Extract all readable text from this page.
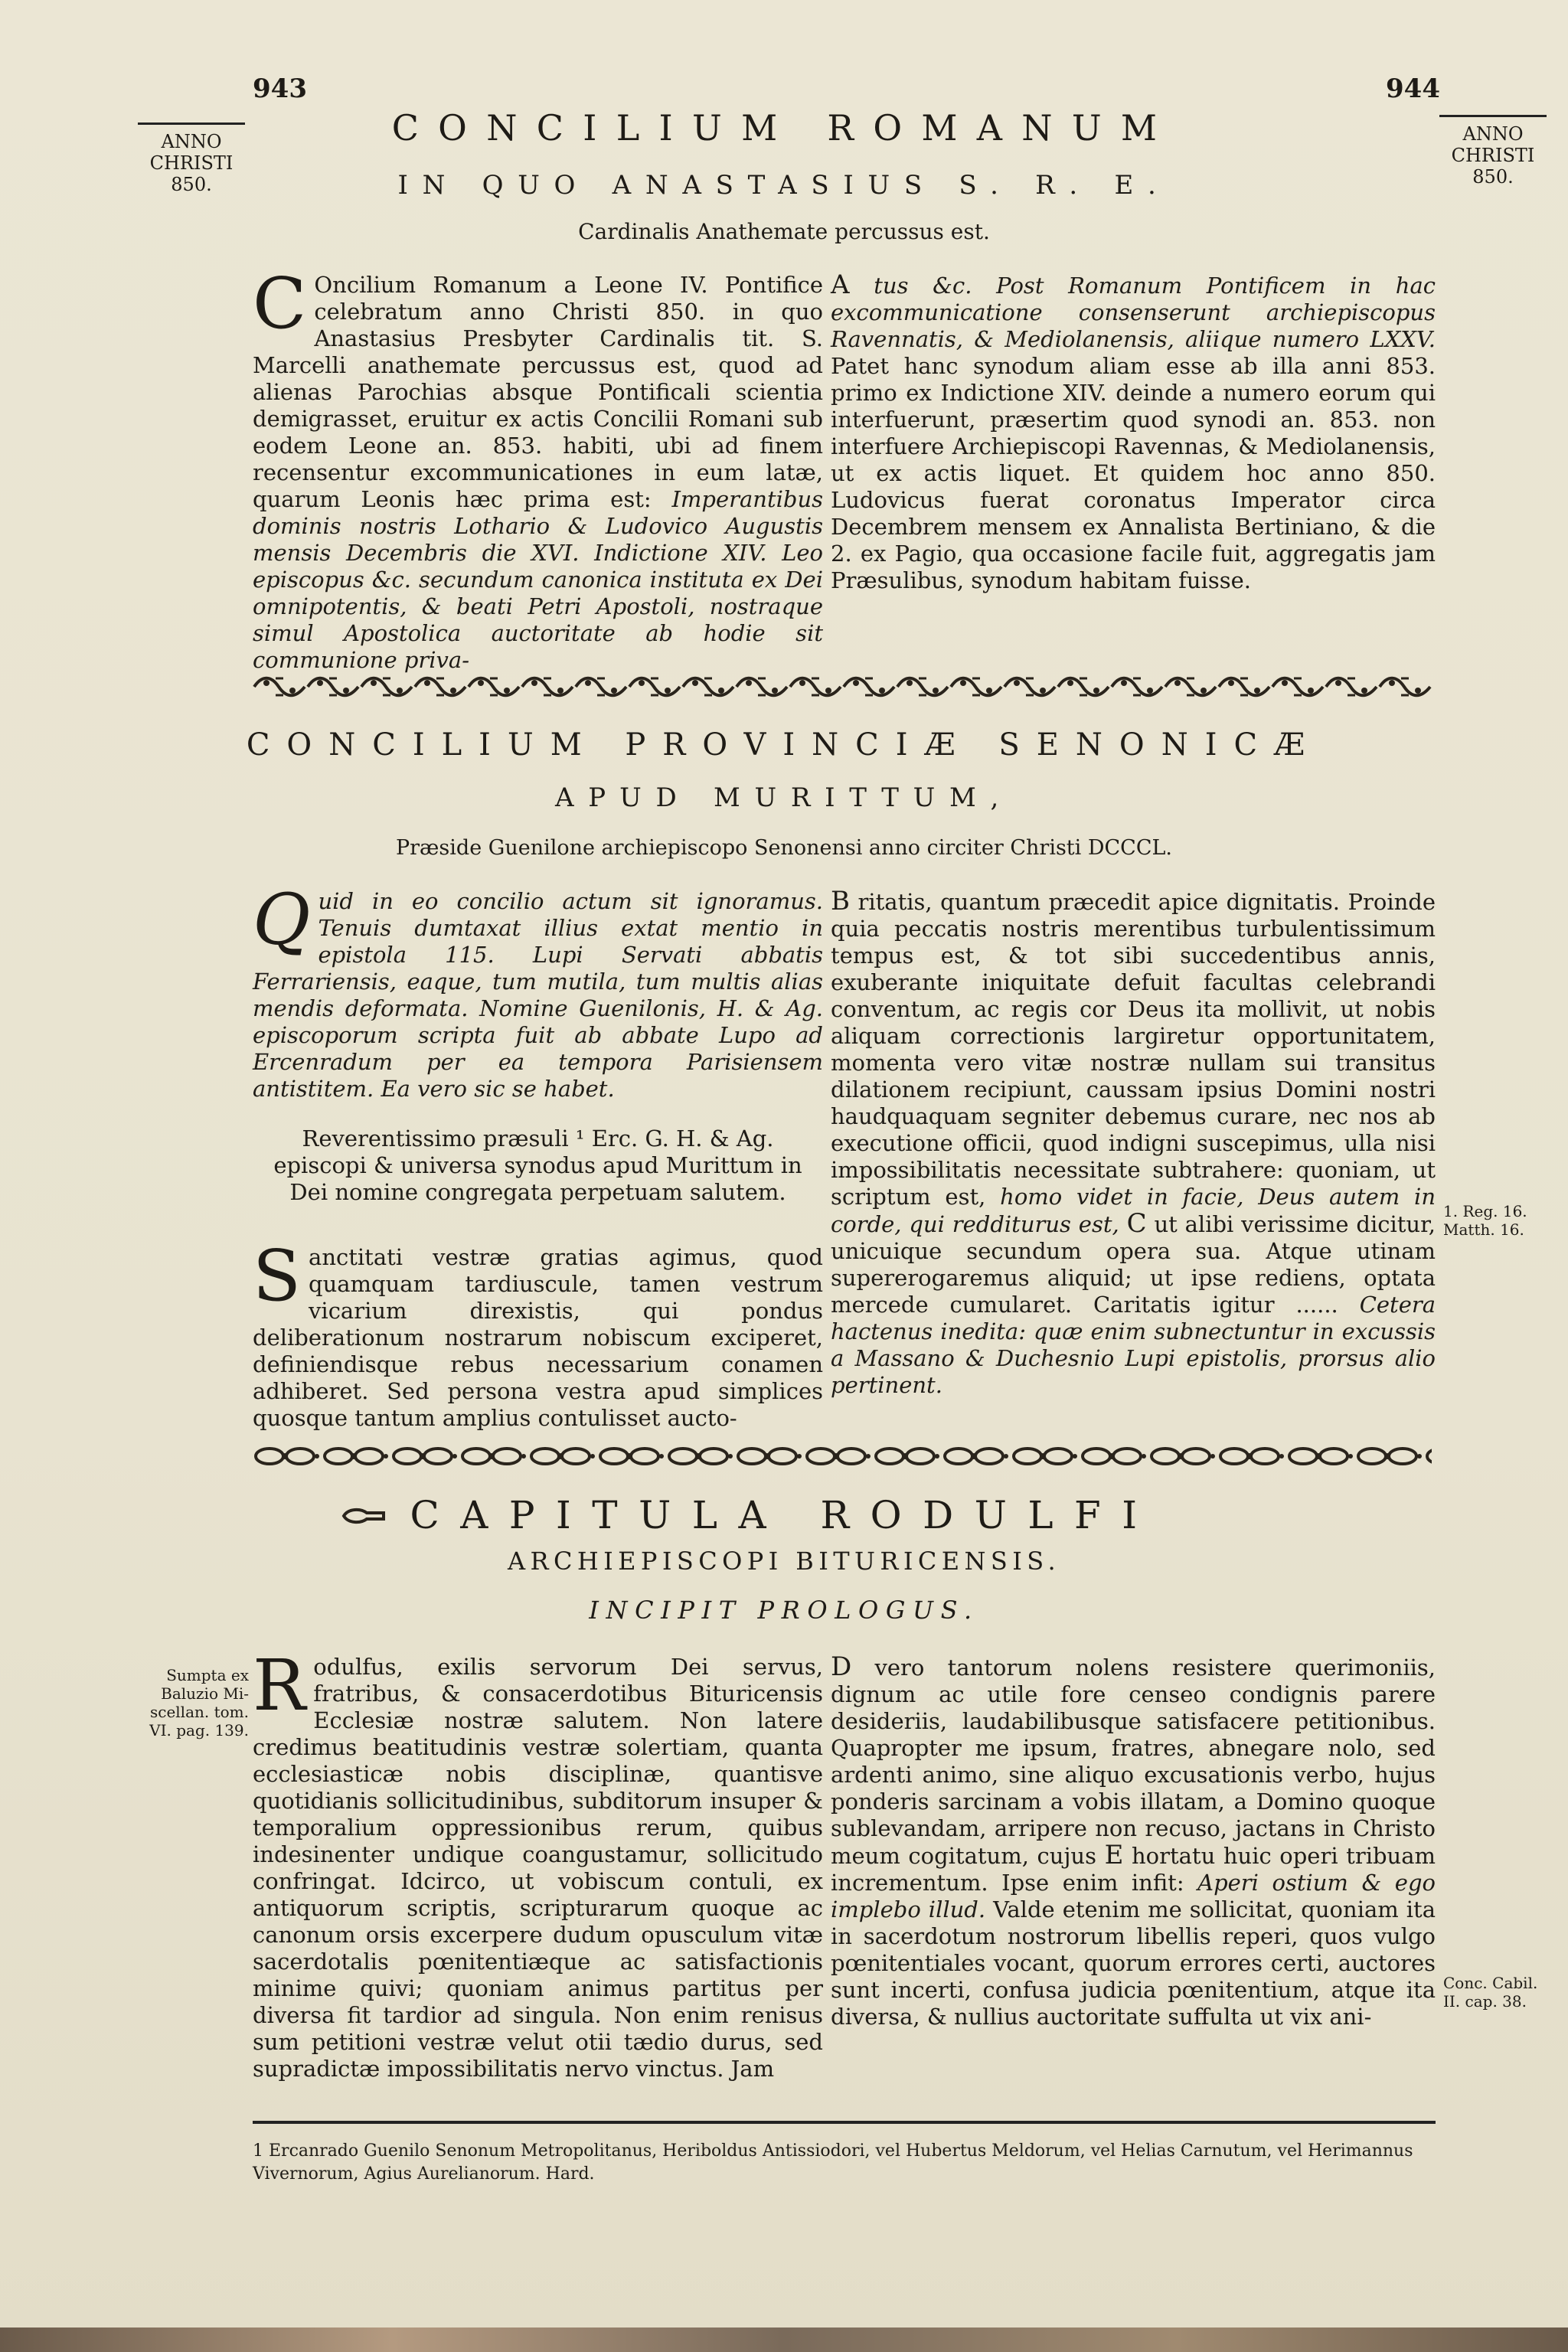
943	944
ANNO
CHRISTI
850.
ANNO
CHRISTI
850.
CONCILIUM ROMANUM
IN QUO ANASTASIUS S. R. E.
Cardinalis Anathemate percussus est.
C Oncilium Romanum a Leone IV. Pontifice celebratum anno Christi 850. in quo Anastasius Presbyter Cardinalis tit. S. Marcelli anathemate percussus est, quod ad alienas Parochias absque Pontificali scientia demigrasset, eruitur ex actis Concilii Romani sub eodem Leone an. 853. habiti, ubi ad finem recensentur excommunicationes in eum latæ, quarum Leonis hæc prima est: Imperantibus dominis nostris Lothario & Ludovico Augustis mensis Decembris die XVI. Indictione XIV. Leo episcopus &c. secundum canonica instituta ex Dei omnipotentis, & beati Petri Apostoli, nostraque simul Apostolica auctoritate ab hodie sit communione priva-
A tus &c. Post Romanum Pontificem in hac excommunicatione consenserunt archiepiscopus Ravennatis, & Mediolanensis, aliique numero LXXV. Patet hanc synodum aliam esse ab illa anni 853. primo ex Indictione XIV. deinde a numero eorum qui interfuerunt, præsertim quod synodi an. 853. non interfuere Archiepiscopi Ravennas, & Mediolanensis, ut ex actis liquet. Et quidem hoc anno 850. Ludovicus fuerat coronatus Imperator circa Decembrem mensem ex Annalista Bertiniano, & die 2. ex Pagio, qua occasione facile fuit, aggregatis jam Præsulibus, synodum habitam fuisse.
CONCILIUM PROVINCIÆ SENONICÆ
APUD MURITTUM,
Præside Guenilone archiepiscopo Senonensi anno circiter Christi DCCCL.

Q uid in eo concilio actum sit ignoramus. Tenuis dumtaxat illius extat mentio in epistola 115. Lupi Servati abbatis Ferrariensis, eaque, tum mutila, tum multis alias mendis deformata. Nomine Guenilonis, H. & Ag. episcoporum scripta fuit ab abbate Lupo ad Ercenradum per ea tempora Parisiensem antistitem. Ea vero sic se habet.

Reverentissimo præsuli ¹ Erc. G. H. & Ag. episcopi & universa synodus apud Murittum in Dei nomine congregata perpetuam salutem.

S anctitati vestræ gratias agimus, quod quamquam tardiuscule, tamen vestrum vicarium direxistis, qui pondus deliberationum nostrarum nobiscum exciperet, definiendisque rebus necessarium conamen adhiberet. Sed persona vestra apud simplices quosque tantum amplius contulisset aucto-

B ritatis, quantum præcedit apice dignitatis. Proinde quia peccatis nostris merentibus turbulentissimum tempus est, & tot sibi succedentibus annis, exuberante iniquitate defuit facultas celebrandi conventum, ac regis cor Deus ita mollivit, ut nobis aliquam correctionis largiretur opportunitatem, momenta vero vitæ nostræ nullam sui transitus dilationem recipiunt, caussam ipsius Domini nostri haudquaquam segniter debemus curare, nec nos ab executione officii, quod indigni suscepimus, ulla nisi impossibilitatis necessitate subtrahere: quoniam, ut scriptum est, homo videt in facie, Deus autem in corde, qui redditurus est, C ut alibi verissime dicitur, unicuique secundum opera sua. Atque utinam supererogaremus aliquid; ut ipse rediens, optata mercede cumularet. Caritatis igitur ...... Cetera hactenus inedita: quæ enim subnectuntur in excussis a Massano & Duchesnio Lupi epistolis, prorsus alio pertinent.
1. Reg. 16.
Matth. 16.
CAPITULA RODULFI
ARCHIEPISCOPI BITURICENSIS.
INCIPIT PROLOGUS.
Sumpta ex
Baluzio Mi-
scellan. tom.
VI. pag. 139.
R odulfus, exilis servorum Dei servus, fratribus, & consacerdotibus Bituricensis Ecclesiæ nostræ salutem. Non latere credimus beatitudinis vestræ solertiam, quanta ecclesiasticæ nobis disciplinæ, quantisve quotidianis sollicitudinibus, subditorum insuper & temporalium oppressionibus rerum, quibus indesinenter undique coangustamur, sollicitudo confringat. Idcirco, ut vobiscum contuli, ex antiquorum scriptis, scripturarum quoque ac canonum orsis excerpere dudum opusculum vitæ sacerdotalis pœnitentiæque ac satisfactionis minime quivi; quoniam animus partitus per diversa fit tardior ad singula. Non enim renisus sum petitioni vestræ velut otii tædio durus, sed supradictæ impossibilitatis nervo vinctus. Jam
D vero tantorum nolens resistere querimoniis, dignum ac utile fore censeo condignis parere desideriis, laudabilibusque satisfacere petitionibus. Quapropter me ipsum, fratres, abnegare nolo, sed ardenti animo, sine aliquo excusationis verbo, hujus ponderis sarcinam a vobis illatam, a Domino quoque sublevandam, arripere non recuso, jactans in Christo meum cogitatum, cujus E hortatu huic operi tribuam incrementum. Ipse enim infit: Aperi ostium & ego implebo illud. Valde etenim me sollicitat, quoniam ita in sacerdotum nostrorum libellis reperi, quos vulgo pœnitentiales vocant, quorum errores certi, auctores sunt incerti, confusa judicia pœnitentium, atque ita diversa, & nullius auctoritate suffulta ut vix ani-
Conc. Cabil.
II. cap. 38.
1 Ercanrado Guenilo Senonum Metropolitanus, Heriboldus Antissiodori, vel Hubertus Meldorum, vel Helias Carnutum, vel Herimannus Vivernorum, Agius Aurelianorum. Hard.
